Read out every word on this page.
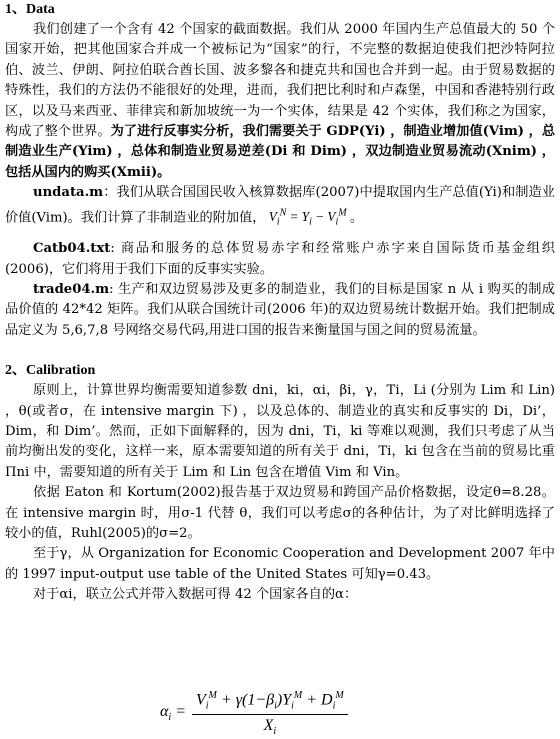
1、Data

我们创建了一个含有 42 个国家的截面数据。我们从 2000 年国内生产总值最大的 50 个国家开始，把其他国家合并成一个被标记为“国家”的行，不完整的数据迫使我们把沙特阿拉伯、波兰、伊朗、阿拉伯联合酋长国、波多黎各和捷克共和国也合并到一起。由于贸易数据的特殊性，我们的方法仍不能很好的处理，进而，我们把比利时和卢森堡，中国和香港特别行政区，以及马来西亚、菲律宾和新加坡统一为一个实体，结果是 42 个实体，我们称之为国家，构成了整个世界。为了进行反事实分析，我们需要关于 GDP(Yi) ，制造业增加值(Vim) ，总制造业生产(Yim) ，总体和制造业贸易逆差(Di 和 Dim) ，双边制造业贸易流动(Xnim) ，包括从国内的购买(Xmii)。

undata.m：我们从联合国国民收入核算数据库(2007)中提取国内生产总值(Yi)和制造业价值(Vim)。我们计算了非制造业的附加值， $V_i^N = Y_i - V_i^M$ 。

Catb04.txt: 商品和服务的总体贸易赤字和经常账户赤字来自国际货币基金组织(2006)，它们将用于我们下面的反事实实验。

trade04.m: 生产和双边贸易涉及更多的制造业，我们的目标是国家 n 从 i 购买的制成品价值的 42*42 矩阵。我们从联合国统计司(2006 年)的双边贸易统计数据开始。我们把制成品定义为 5,6,7,8 号网络交易代码,用进口国的报告来衡量国与国之间的贸易流量。

2、Calibration

原则上，计算世界均衡需要知道参数 dni，ki，αi，βi，γ，Ti，Li (分别为 Lim 和 Lin) ，θ(或者σ，在 intensive margin 下) ，以及总体的、制造业的真实和反事实的 Di，Di’，Dim，和 Dim’。然而，正如下面解释的，因为 dni，Ti，ki 等难以观测，我们只考虑了从当前均衡出发的变化，这样一来，原本需要知道的所有关于 dni，Ti，ki 包含在当前的贸易比重Πni 中，需要知道的所有关于 Lim 和 Lin 包含在增值 Vim 和 Vin。

依据 Eaton 和 Kortum(2002)报告基于双边贸易和跨国产品价格数据，设定θ=8.28。在 intensive margin 时，用σ-1 代替 θ，我们可以考虑σ的各种估计，为了对比鲜明选择了较小的值，Ruhl(2005)的σ=2。

至于γ，从 Organization for Economic Cooperation and Development 2007 年中的 1997 input-output use table of the United States 可知γ=0.43。

对于αi，联立公式并带入数据可得 42 个国家各自的α：

$\alpha_i = \frac{V_i^M + \gamma(1-\beta_i)Y_i^M + D_i^M}{X_i}$
